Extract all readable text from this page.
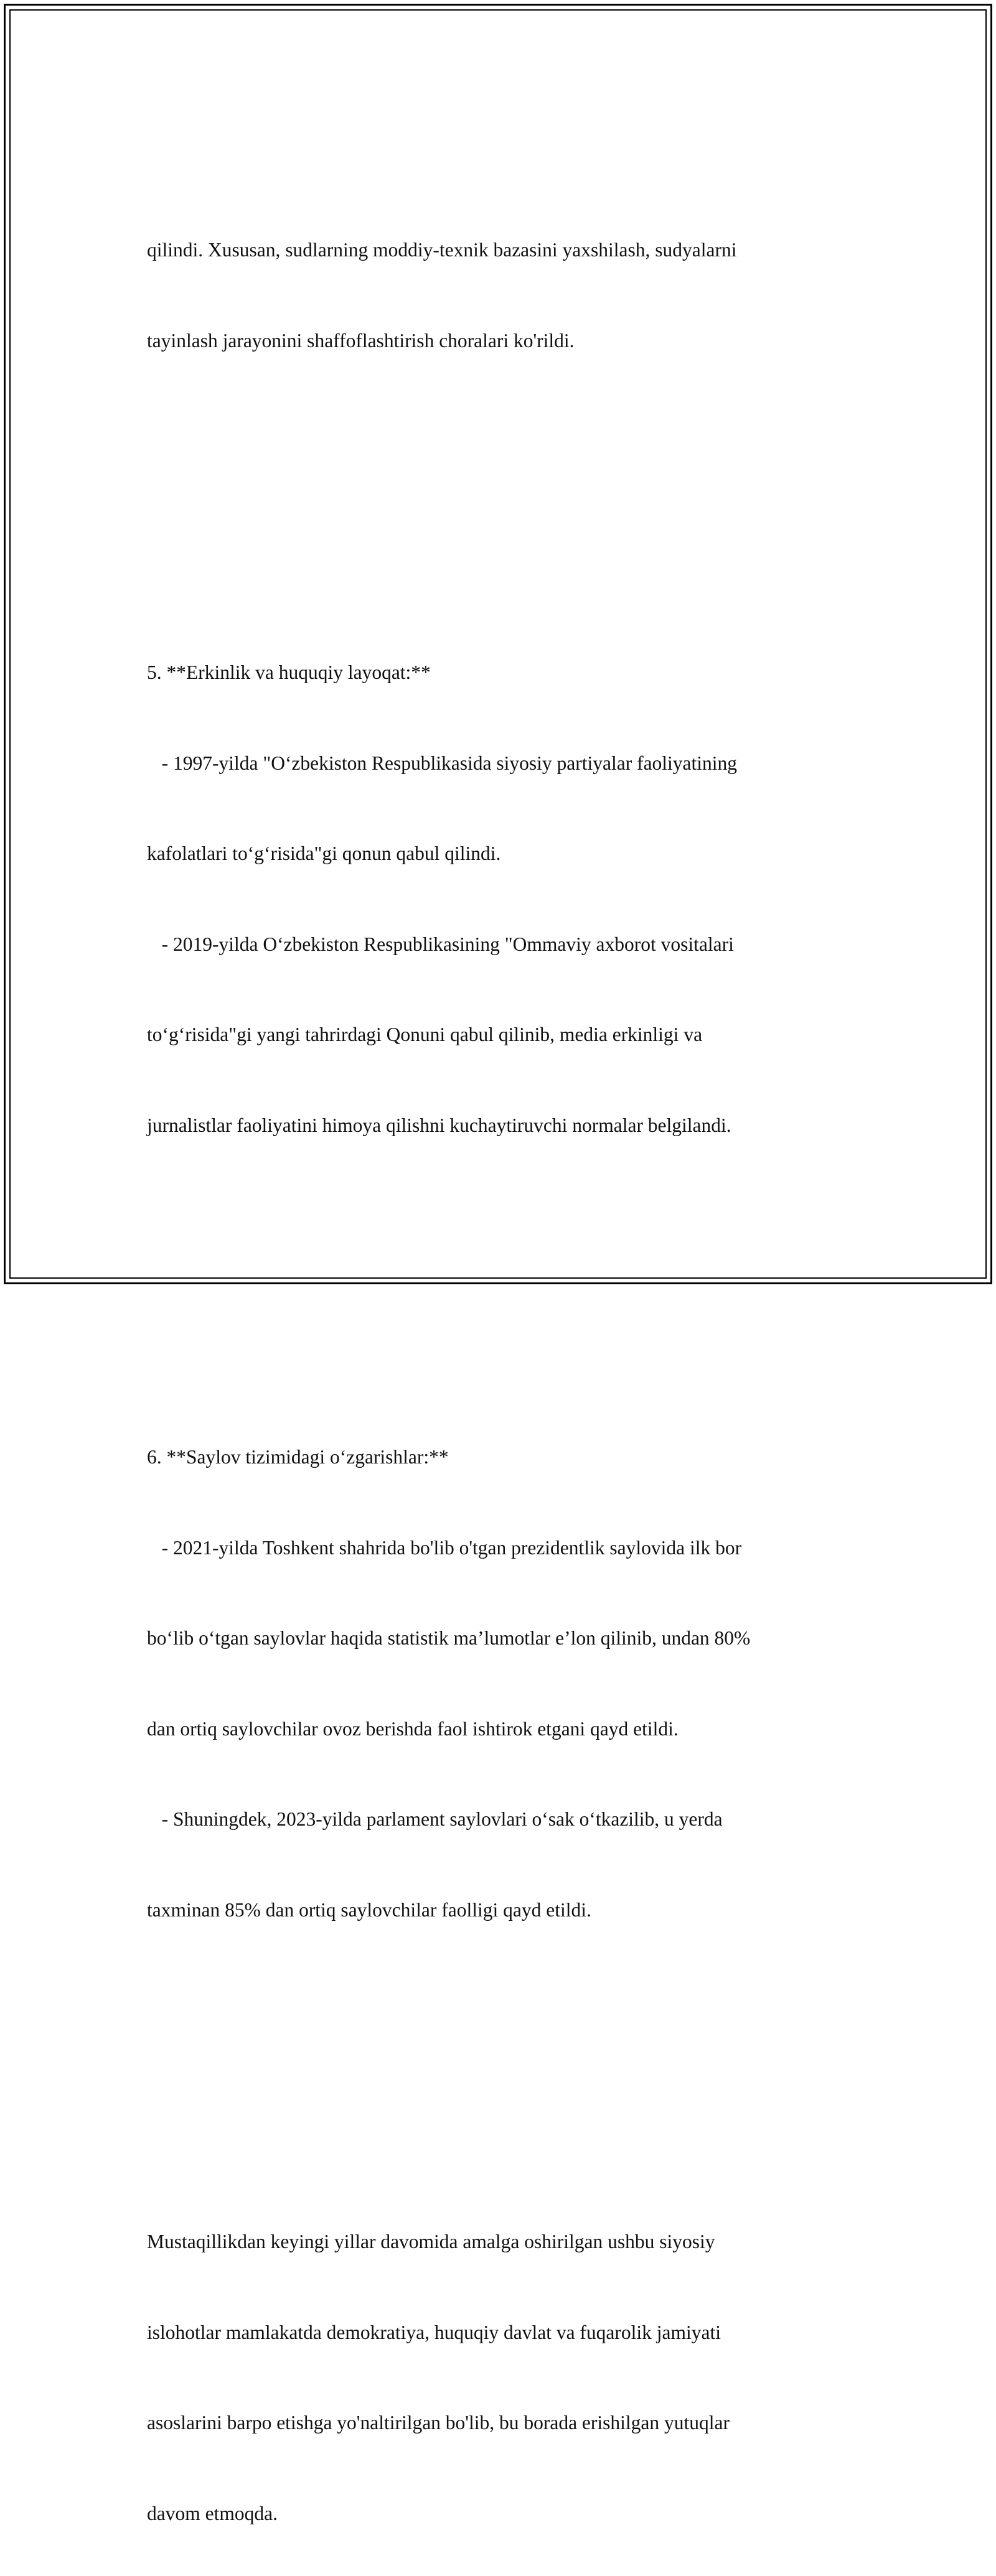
qilindi. Xususan, sudlarning moddiy-texnik bazasini yaxshilash, sudyalarni

tayinlash jarayonini shaffoflashtirish choralari ko'rildi.

5. **Erkinlik va huquqiy layoqat:**

- 1997-yilda "O‘zbekiston Respublikasida siyosiy partiyalar faoliyatining

kafolatlari to‘g‘risida"gi qonun qabul qilindi.

- 2019-yilda O‘zbekiston Respublikasining "Ommaviy axborot vositalari

to‘g‘risida"gi yangi tahrirdagi Qonuni qabul qilinib, media erkinligi va

jurnalistlar faoliyatini himoya qilishni kuchaytiruvchi normalar belgilandi.

6. **Saylov tizimidagi o‘zgarishlar:**

- 2021-yilda Toshkent shahrida bo'lib o'tgan prezidentlik saylovida ilk bor

bo‘lib o‘tgan saylovlar haqida statistik ma’lumotlar e’lon qilinib, undan 80%

dan ortiq saylovchilar ovoz berishda faol ishtirok etgani qayd etildi.

- Shuningdek, 2023-yilda parlament saylovlari o‘sak o‘tkazilib, u yerda

taxminan 85% dan ortiq saylovchilar faolligi qayd etildi.

Mustaqillikdan keyingi yillar davomida amalga oshirilgan ushbu siyosiy

islohotlar mamlakatda demokratiya, huquqiy davlat va fuqarolik jamiyati

asoslarini barpo etishga yo'naltirilgan bo'lib, bu borada erishilgan yutuqlar

davom etmoqda.
